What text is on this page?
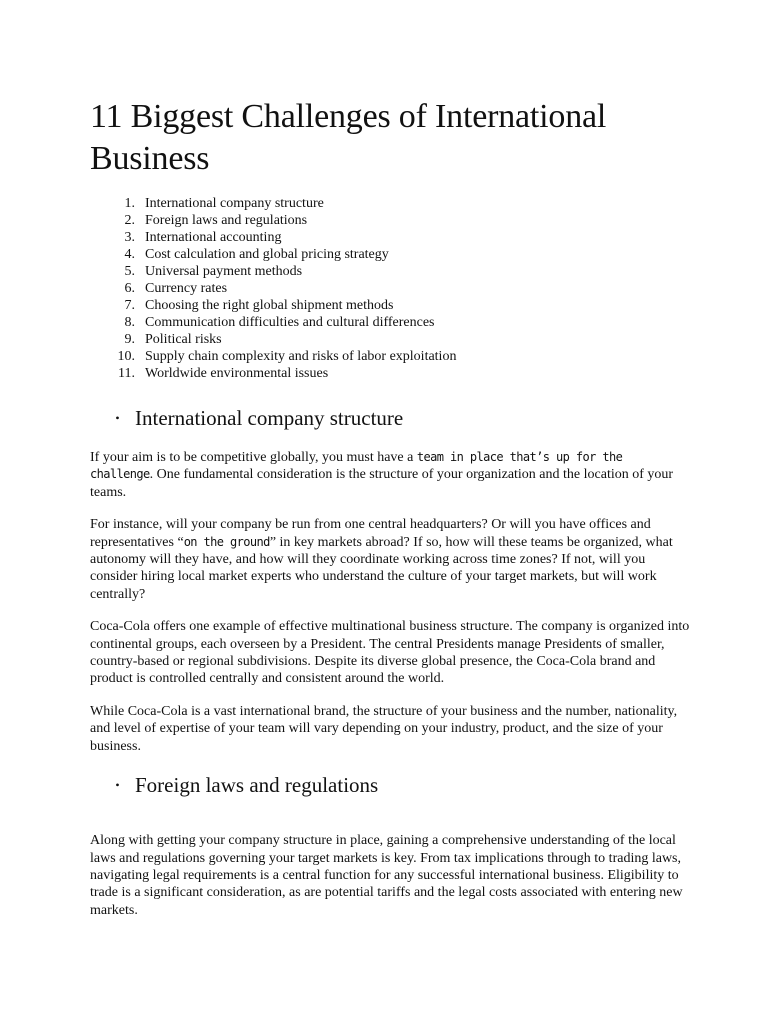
11 Biggest Challenges of International Business
1. International company structure
2. Foreign laws and regulations
3. International accounting
4. Cost calculation and global pricing strategy
5. Universal payment methods
6. Currency rates
7. Choosing the right global shipment methods
8. Communication difficulties and cultural differences
9. Political risks
10. Supply chain complexity and risks of labor exploitation
11. Worldwide environmental issues
• International company structure

If your aim is to be competitive globally, you must have a team in place that’s up for the challenge. One fundamental consideration is the structure of your organization and the location of your teams.

For instance, will your company be run from one central headquarters? Or will you have offices and representatives “on the ground” in key markets abroad? If so, how will these teams be organized, what autonomy will they have, and how will they coordinate working across time zones? If not, will you consider hiring local market experts who understand the culture of your target markets, but will work centrally?

Coca-Cola offers one example of effective multinational business structure. The company is organized into continental groups, each overseen by a President. The central Presidents manage Presidents of smaller, country-based or regional subdivisions. Despite its diverse global presence, the Coca-Cola brand and product is controlled centrally and consistent around the world.

While Coca-Cola is a vast international brand, the structure of your business and the number, nationality, and level of expertise of your team will vary depending on your industry, product, and the size of your business.

• Foreign laws and regulations

Along with getting your company structure in place, gaining a comprehensive understanding of the local laws and regulations governing your target markets is key. From tax implications through to trading laws, navigating legal requirements is a central function for any successful international business. Eligibility to trade is a significant consideration, as are potential tariffs and the legal costs associated with entering new markets.
